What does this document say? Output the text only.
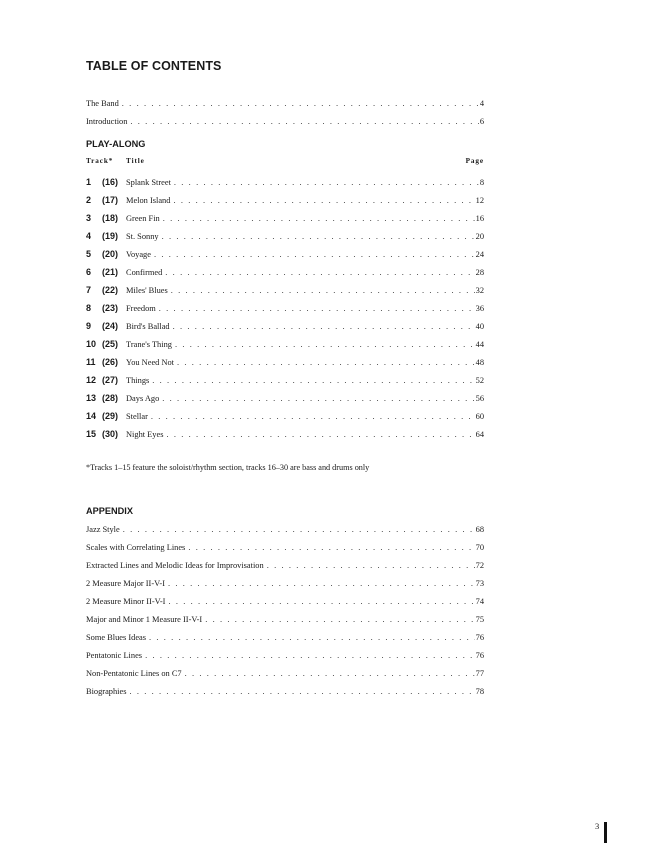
TABLE OF CONTENTS
The Band . . .	4
Introduction . . .	6
PLAY-ALONG
Track* Title	Page
1	(16) Splank Street . . .	8
2	(17) Melon Island . . .	12
3	(18) Green Fin . . .	16
4	(19) St. Sonny . . .	20
5	(20) Voyage . . .	24
6	(21) Confirmed . . .	28
7	(22) Miles' Blues . . .	32
8	(23) Freedom . . .	36
9	(24) Bird's Ballad . . .	40
10 (25) Trane's Thing . . .	44
11 (26) You Need Not . . .	48
12 (27) Things . . .	52
13 (28) Days Ago . . .	56
14 (29) Stellar . . .	60
15 (30) Night Eyes . . .	64
*Tracks 1–15 feature the soloist/rhythm section, tracks 16–30 are bass and drums only
APPENDIX
Jazz Style . . .	68
Scales with Correlating Lines . . .	70
Extracted Lines and Melodic Ideas for Improvisation . . .	72
2 Measure Major II-V-I . . .	73
2 Measure Minor II-V-I . . .	74
Major and Minor 1 Measure II-V-I . . .	75
Some Blues Ideas . . .	76
Pentatonic Lines . . .	76
Non-Pentatonic Lines on C7 . . .	77
Biographies . . .	78
3
